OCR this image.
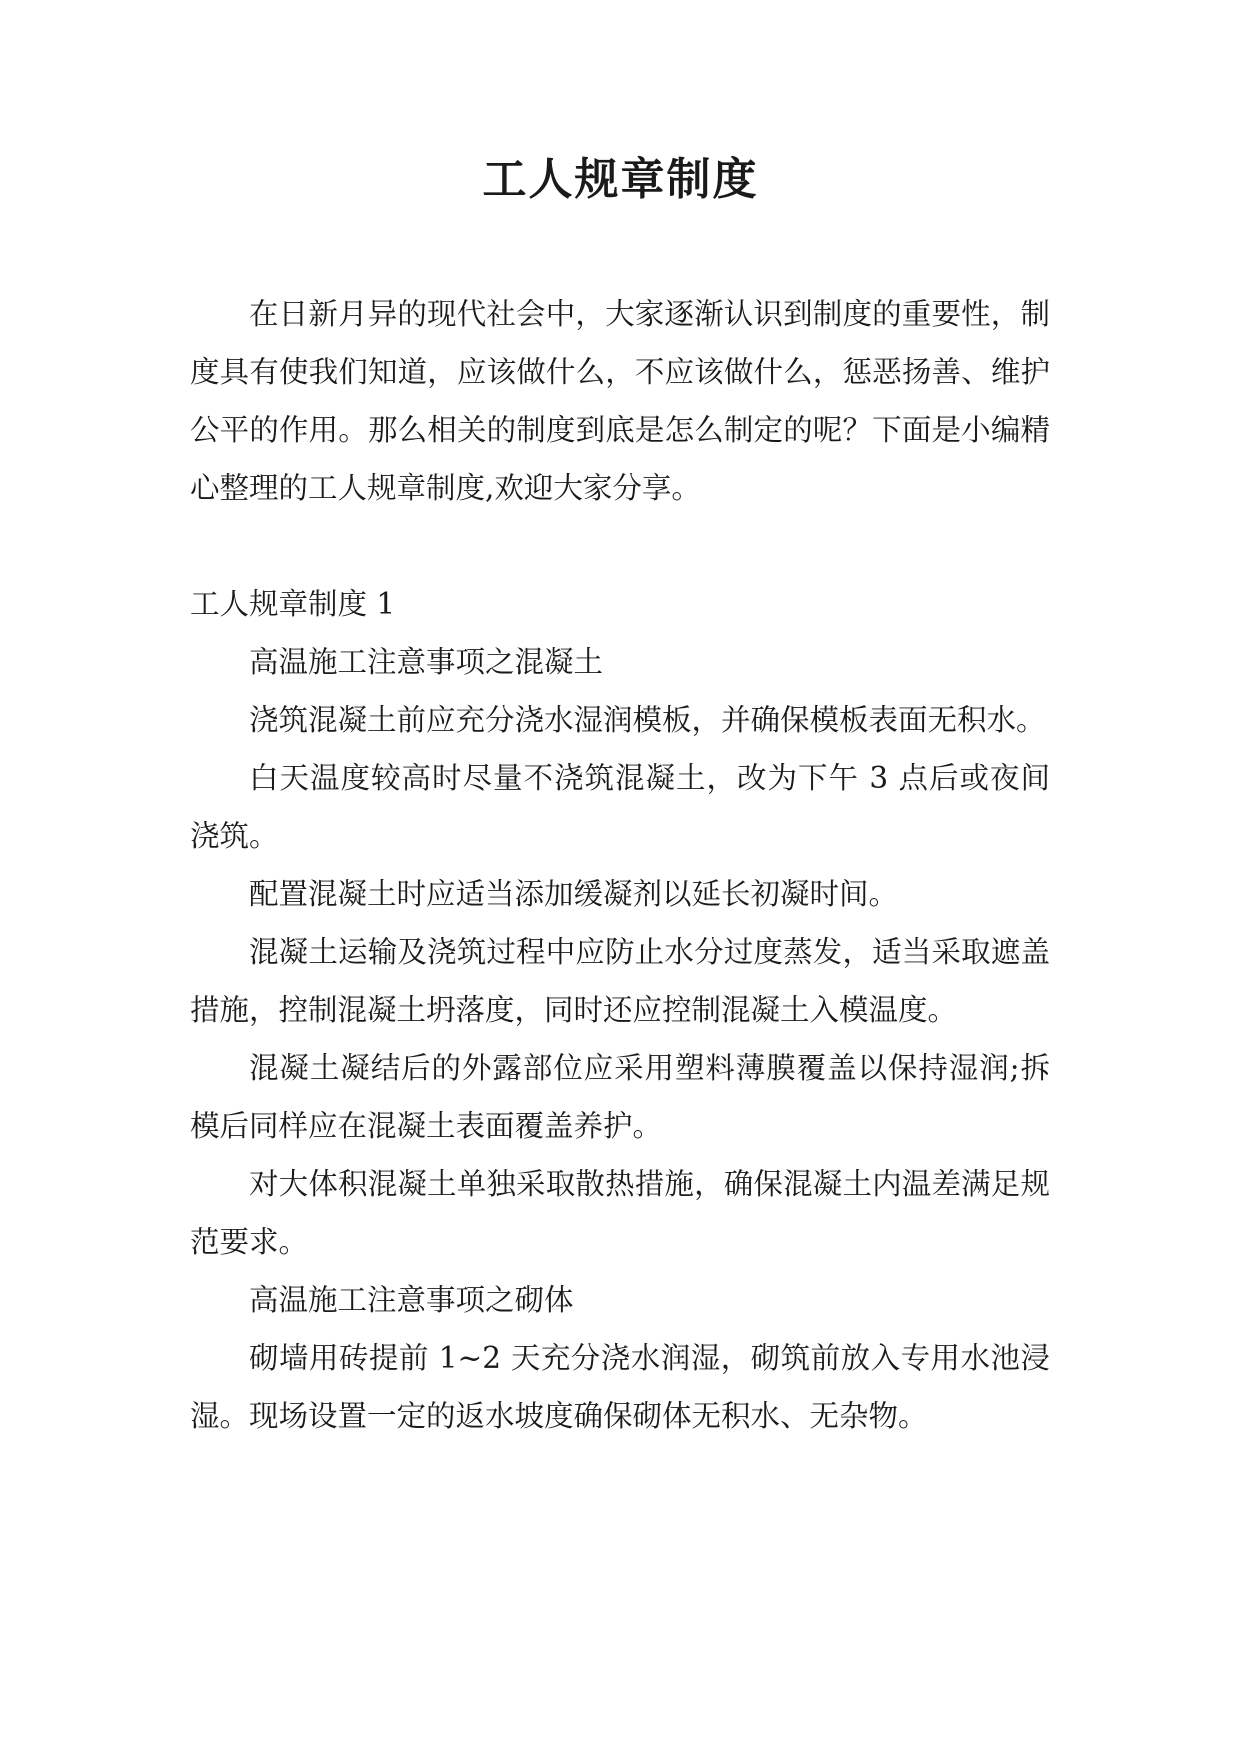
工人规章制度

在日新月异的现代社会中，大家逐渐认识到制度的重要性，制度具有使我们知道，应该做什么，不应该做什么，惩恶扬善、维护公平的作用。那么相关的制度到底是怎么制定的呢？下面是小编精心整理的工人规章制度,欢迎大家分享。

工人规章制度 1

高温施工注意事项之混凝土

浇筑混凝土前应充分浇水湿润模板，并确保模板表面无积水。

白天温度较高时尽量不浇筑混凝土，改为下午 3 点后或夜间浇筑。

配置混凝土时应适当添加缓凝剂以延长初凝时间。

混凝土运输及浇筑过程中应防止水分过度蒸发，适当采取遮盖措施，控制混凝土坍落度，同时还应控制混凝土入模温度。

混凝土凝结后的外露部位应采用塑料薄膜覆盖以保持湿润;拆模后同样应在混凝土表面覆盖养护。

对大体积混凝土单独采取散热措施，确保混凝土内温差满足规范要求。

高温施工注意事项之砌体

砌墙用砖提前 1~2 天充分浇水润湿，砌筑前放入专用水池浸湿。现场设置一定的返水坡度确保砌体无积水、无杂物。
